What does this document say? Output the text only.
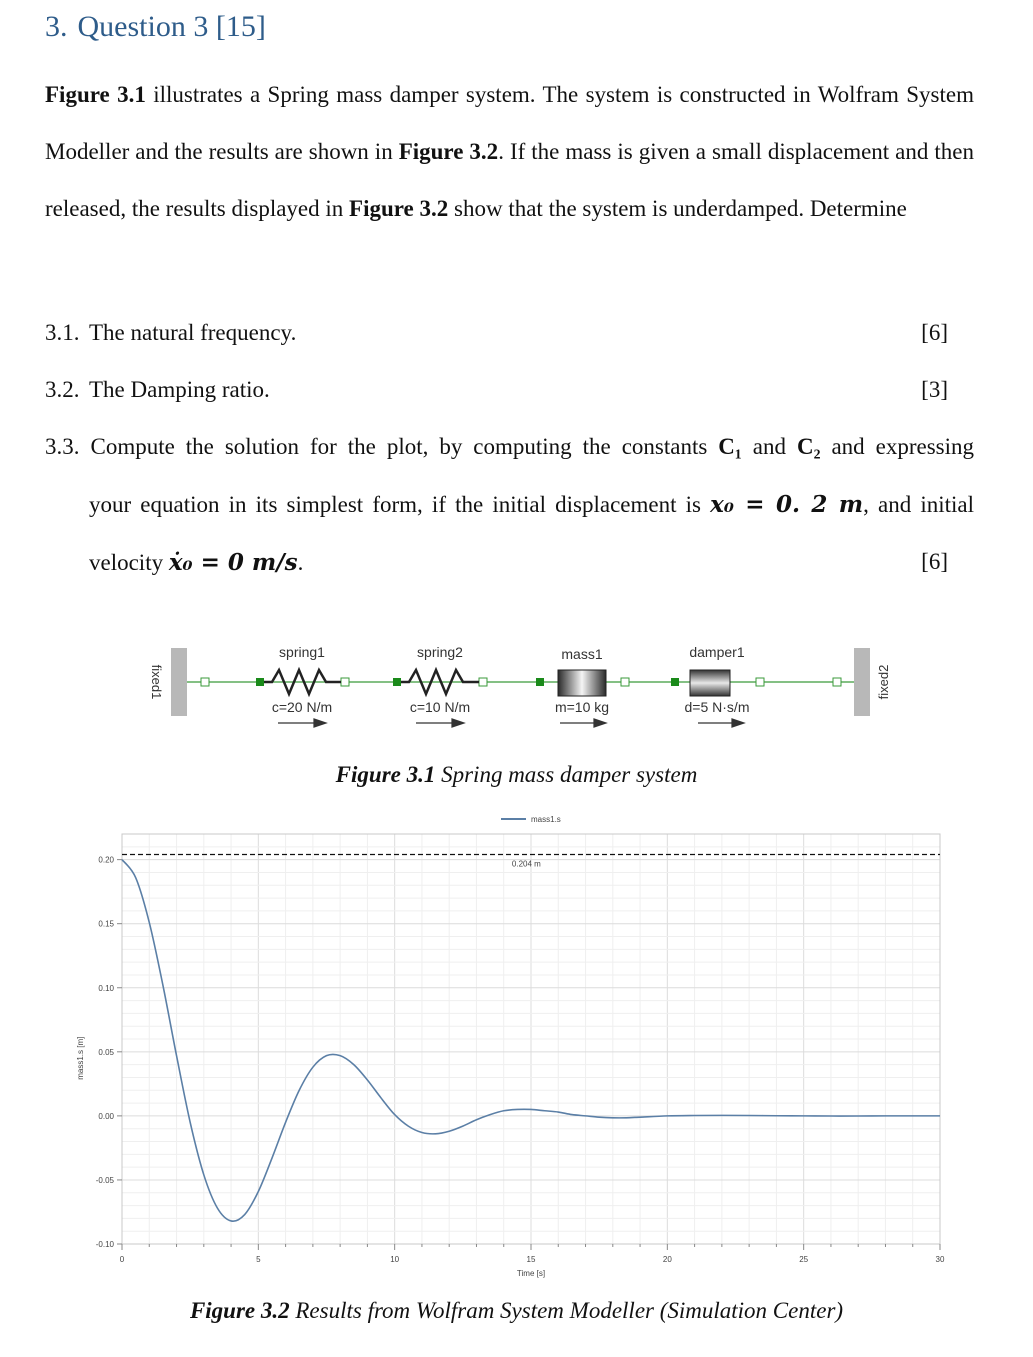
3. Question 3 [15]
Figure 3.1 illustrates a Spring mass damper system. The system is constructed in Wolfram System Modeller and the results are shown in Figure 3.2. If the mass is given a small displacement and then released, the results displayed in Figure 3.2 show that the system is underdamped. Determine
3.1. The natural frequency.	[6]
3.2. The Damping ratio.	[3]
3.3. Compute the solution for the plot, by computing the constants C₁ and C₂ and expressing
your equation in its simplest form, if the initial displacement is x₀ = 0. 2 m, and initial
velocity ẋ₀ = 0 m/s.	[6]
fixed1	fixed2
spring1
c=20 N/m
spring2
c=10 N/m
mass1
m=10 kg
damper1
d=5 N·s/m
Figure 3.1 Spring mass damper system
-0.10
-0.05
0.00
0.05
0.10
0.15
0.20
0	5	10	15	20	25	30
0.204 m
mass1.s
Time [s]
mass1.s [m]
Figure 3.2 Results from Wolfram System Modeller (Simulation Center)
